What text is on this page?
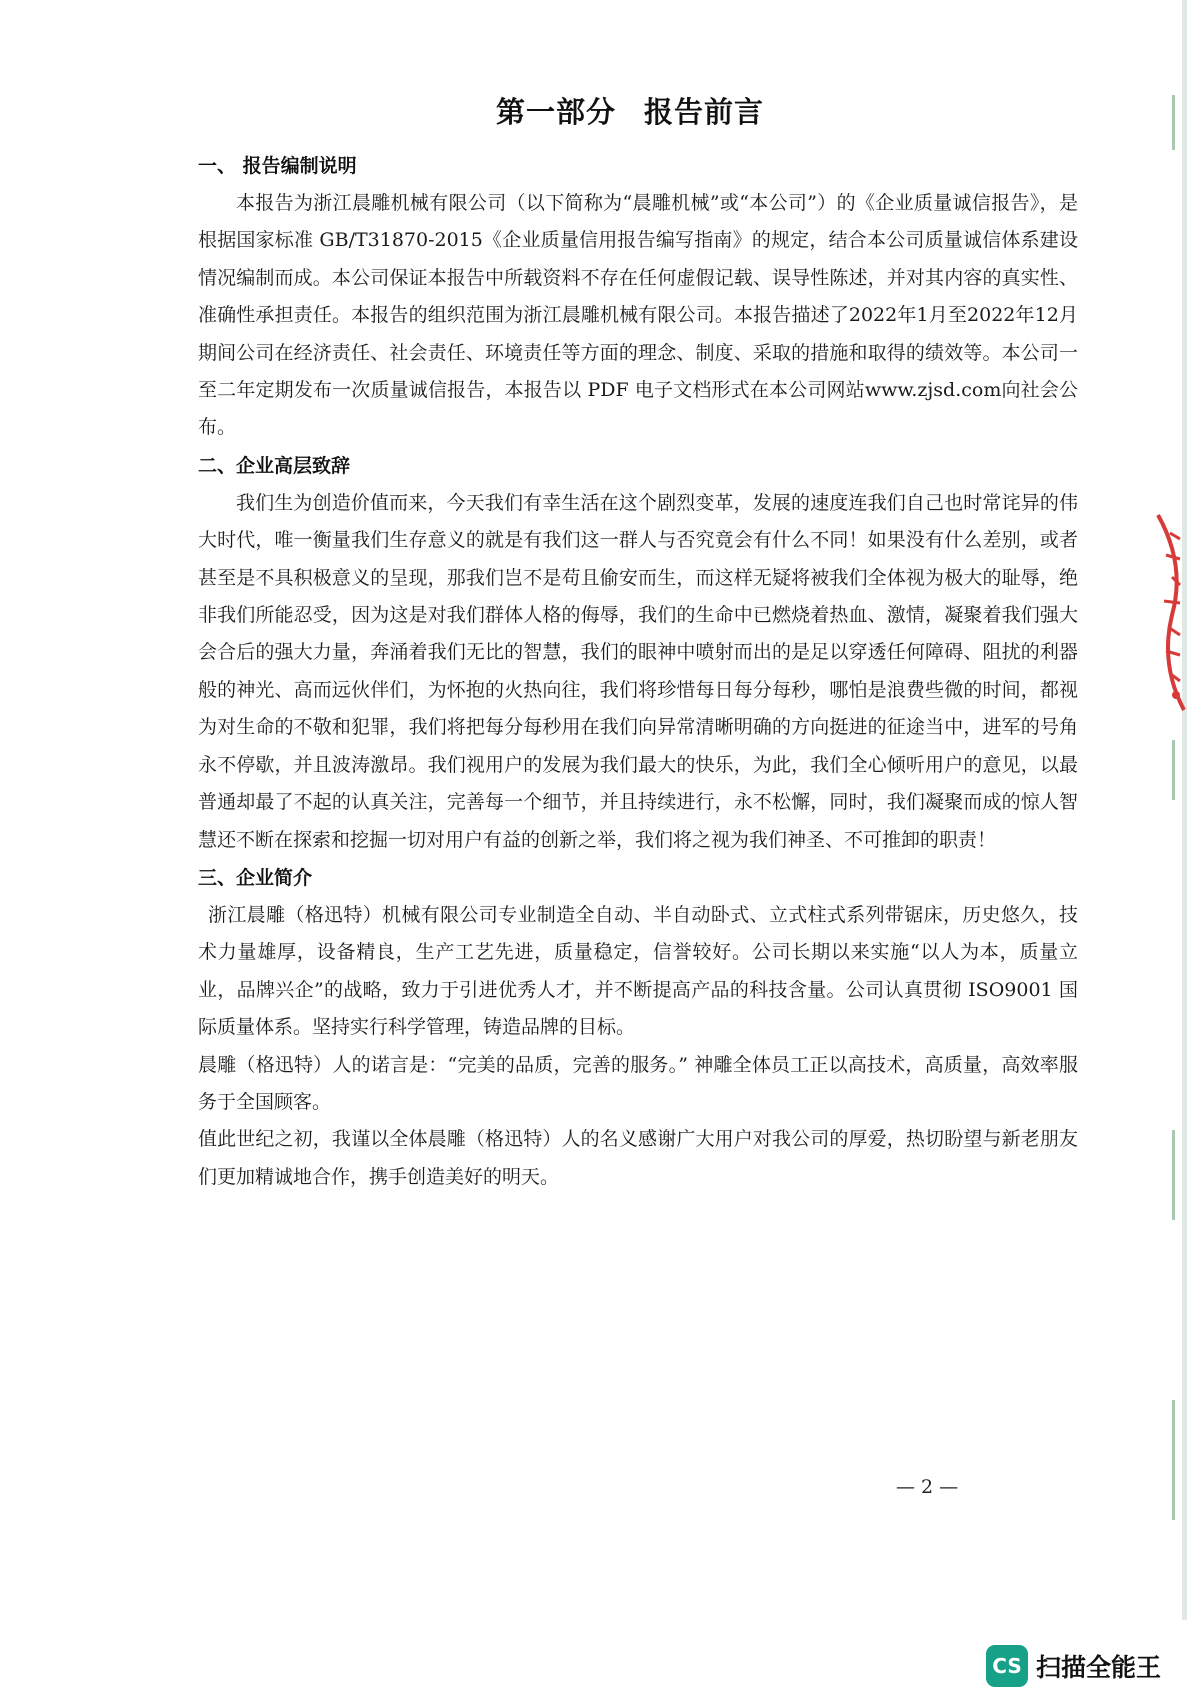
第一部分 报告前言
一、 报告编制说明

本报告为浙江晨雕机械有限公司（以下简称为“晨雕机械”或“本公司”）的《企业质量诚信报告》，是根据国家标准 GB/T31870-2015《企业质量信用报告编写指南》的规定，结合本公司质量诚信体系建设情况编制而成。本公司保证本报告中所载资料不存在任何虚假记载、误导性陈述，并对其内容的真实性、准确性承担责任。本报告的组织范围为浙江晨雕机械有限公司。本报告描述了2022年1月至2022年12月期间公司在经济责任、社会责任、环境责任等方面的理念、制度、采取的措施和取得的绩效等。本公司一至二年定期发布一次质量诚信报告，本报告以 PDF 电子文档形式在本公司网站www.zjsd.com向社会公布。

二、企业高层致辞

我们生为创造价值而来，今天我们有幸生活在这个剧烈变革，发展的速度连我们自己也时常诧异的伟大时代，唯一衡量我们生存意义的就是有我们这一群人与否究竟会有什么不同！如果没有什么差别，或者甚至是不具积极意义的呈现，那我们岂不是苟且偷安而生，而这样无疑将被我们全体视为极大的耻辱，绝非我们所能忍受，因为这是对我们群体人格的侮辱，我们的生命中已燃烧着热血、激情，凝聚着我们强大会合后的强大力量，奔涌着我们无比的智慧，我们的眼神中喷射而出的是足以穿透任何障碍、阻扰的利器般的神光、高而远伙伴们，为怀抱的火热向往，我们将珍惜每日每分每秒，哪怕是浪费些微的时间，都视为对生命的不敬和犯罪，我们将把每分每秒用在我们向异常清晰明确的方向挺进的征途当中，进军的号角永不停歇，并且波涛激昂。我们视用户的发展为我们最大的快乐，为此，我们全心倾听用户的意见，以最普通却最了不起的认真关注，完善每一个细节，并且持续进行，永不松懈，同时，我们凝聚而成的惊人智慧还不断在探索和挖掘一切对用户有益的创新之举，我们将之视为我们神圣、不可推卸的职责！

三、企业简介

浙江晨雕（格迅特）机械有限公司专业制造全自动、半自动卧式、立式柱式系列带锯床，历史悠久，技术力量雄厚，设备精良，生产工艺先进，质量稳定，信誉较好。公司长期以来实施“以人为本，质量立业，品牌兴企”的战略，致力于引进优秀人才，并不断提高产品的科技含量。公司认真贯彻 ISO9001 国际质量体系。坚持实行科学管理，铸造品牌的目标。

晨雕（格迅特）人的诺言是：“完美的品质，完善的服务。” 神雕全体员工正以高技术，高质量，高效率服务于全国顾客。

值此世纪之初，我谨以全体晨雕（格迅特）人的名义感谢广大用户对我公司的厚爱，热切盼望与新老朋友们更加精诚地合作，携手创造美好的明天。

— 2 —
CS 扫描全能王
